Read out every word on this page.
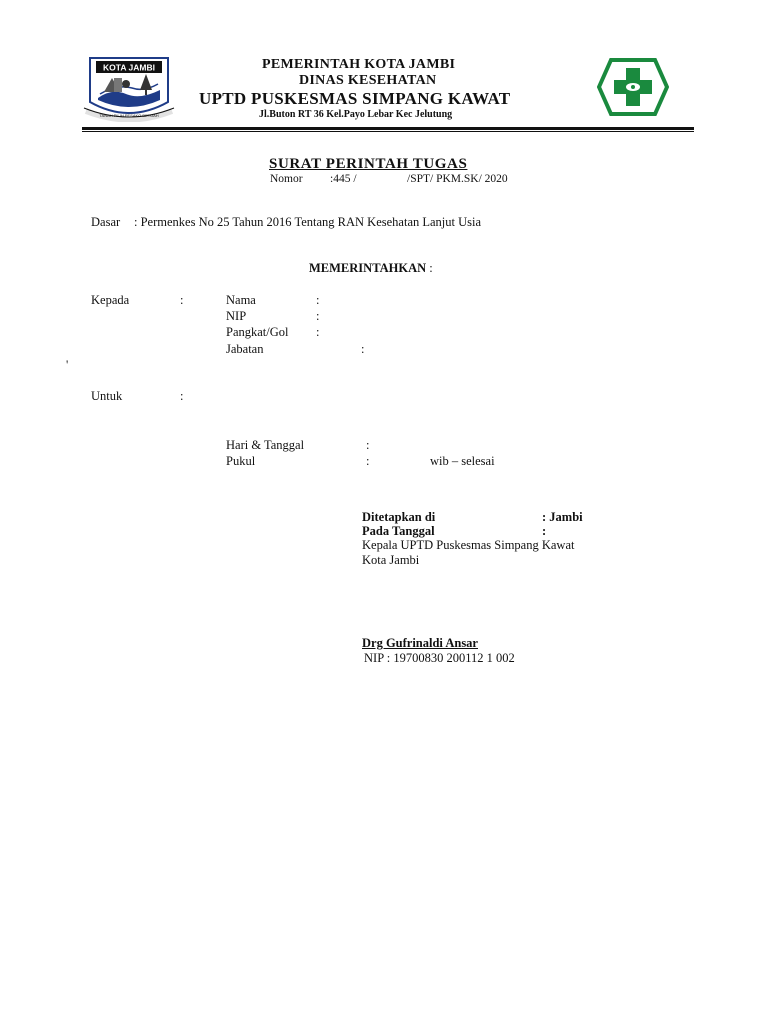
KOTA JAMBI
TANAH PILIH PESAKO BETUAH
PEMERINTAH KOTA JAMBI
DINAS KESEHATAN
UPTD PUSKESMAS SIMPANG KAWAT
Jl.Buton RT 36 Kel.Payo Lebar Kec Jelutung
SURAT PERINTAH TUGAS
Nomor :445 /	/SPT/ PKM.SK/ 2020
Dasar : Permenkes No 25 Tahun 2016 Tentang RAN Kesehatan Lanjut Usia
MEMERINTAHKAN :
Kepada	:	Nama	:
NIP	:
Pangkat/Gol :
Jabatan	:
'
Untuk	:
Hari & Tanggal	:
Pukul	:	wib – selesai
Ditetapkan di	: Jambi
Pada Tanggal	:
Kepala UPTD Puskesmas Simpang Kawat
Kota Jambi
Drg Gufrinaldi Ansar
NIP : 19700830 200112 1 002
